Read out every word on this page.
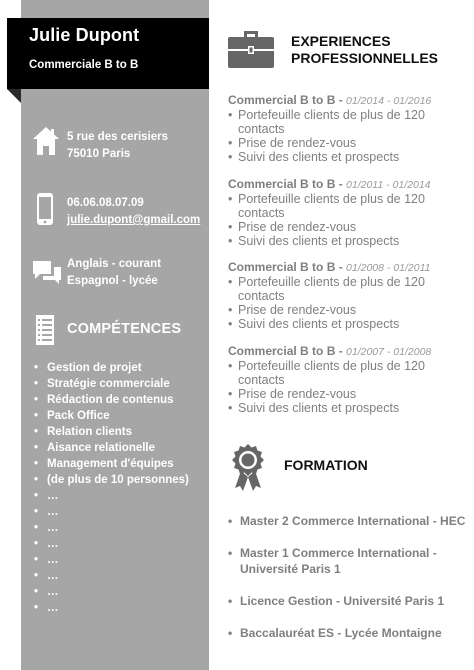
Julie Dupont
Commerciale B to B
5 rue des cerisiers
75010 Paris
06.06.08.07.09
julie.dupont@gmail.com
Anglais - courant
Espagnol - lycée
COMPÉTENCES
• Gestion de projet
• Stratégie commerciale
• Rédaction de contenus
• Pack Office
• Relation clients
• Aisance relationelle
• Management d'équipes
• (de plus de 10 personnes)
• …
• …
• …
• …
• …
• …
• …
• …
EXPERIENCES
PROFESSIONNELLES
Commercial B to B - 01/2014 - 01/2016
• Portefeuille clients de plus de 120 contacts
• Prise de rendez-vous
• Suivi des clients et prospects
Commercial B to B - 01/2011 - 01/2014
• Portefeuille clients de plus de 120 contacts
• Prise de rendez-vous
• Suivi des clients et prospects
Commercial B to B - 01/2008 - 01/2011
• Portefeuille clients de plus de 120 contacts
• Prise de rendez-vous
• Suivi des clients et prospects
Commercial B to B - 01/2007 - 01/2008
• Portefeuille clients de plus de 120 contacts
• Prise de rendez-vous
• Suivi des clients et prospects
FORMATION
• Master 2 Commerce International - HEC
• Master 1 Commerce International - Université Paris 1
• Licence Gestion - Université Paris 1
• Baccalauréat ES - Lycée Montaigne
